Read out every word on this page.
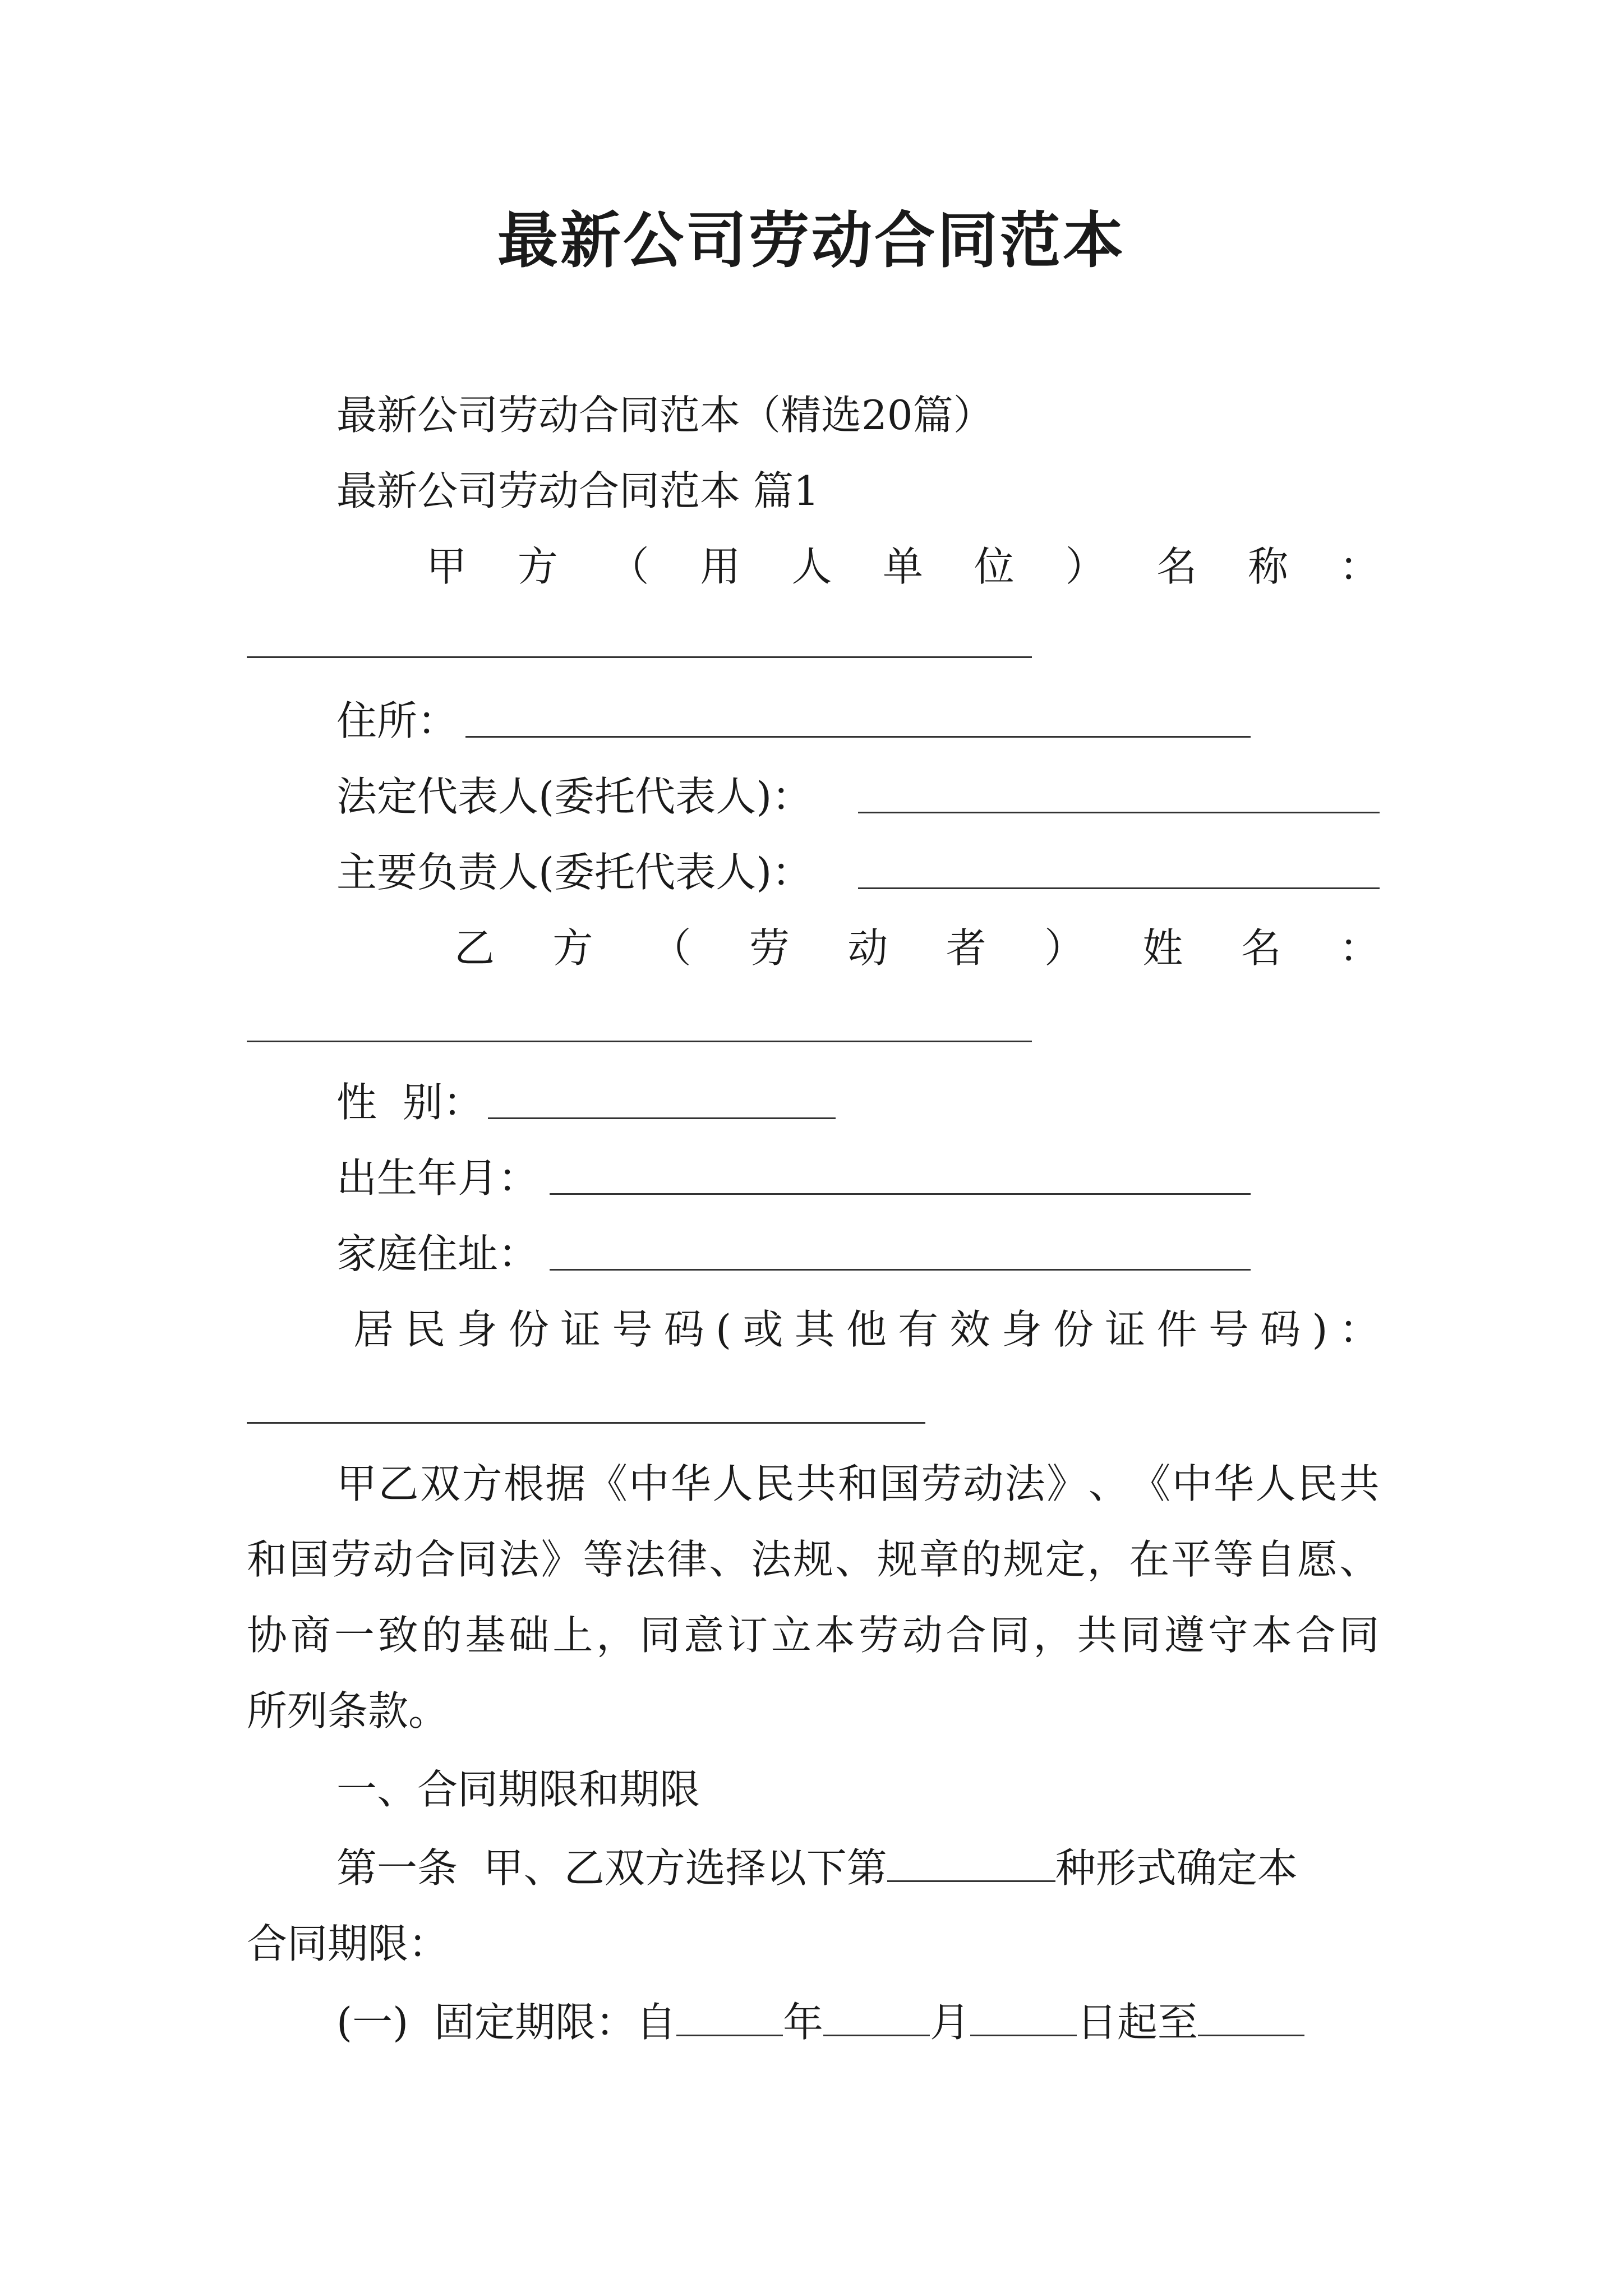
最新公司劳动合同范本

最新公司劳动合同范本（精选20篇）

最新公司劳动合同范本 篇1

甲 方 （ 用 人 单 位 ） 名 称 ：

住所：

法定代表人(委托代表人)：

主要负责人(委托代表人)：

乙 方 （ 劳 动 者 ） 姓 名 ：

性  别：

出生年月：

家庭住址：

居 民 身 份 证 号 码 ( 或 其 他 有 效 身 份 证 件 号 码 ) ：
甲 乙 双 方 根 据 《 中 华 人 民 共 和 国 劳 动 法 》 、 《 中 华 人 民 共
和 国 劳 动 合 同 法 》 等 法 律 、 法 规 、 规 章 的 规 定 ， 在 平 等 自 愿 、
协 商 一 致 的 基 础 上 ， 同 意 订 立 本 劳 动 合 同 ， 共 同 遵 守 本 合 同

所列条款。

一、合同期限和期限

第一条  甲、乙双方选择以下第	种形式确定本

合同期限：

(一)  固定期限：自	年	月	日起至
